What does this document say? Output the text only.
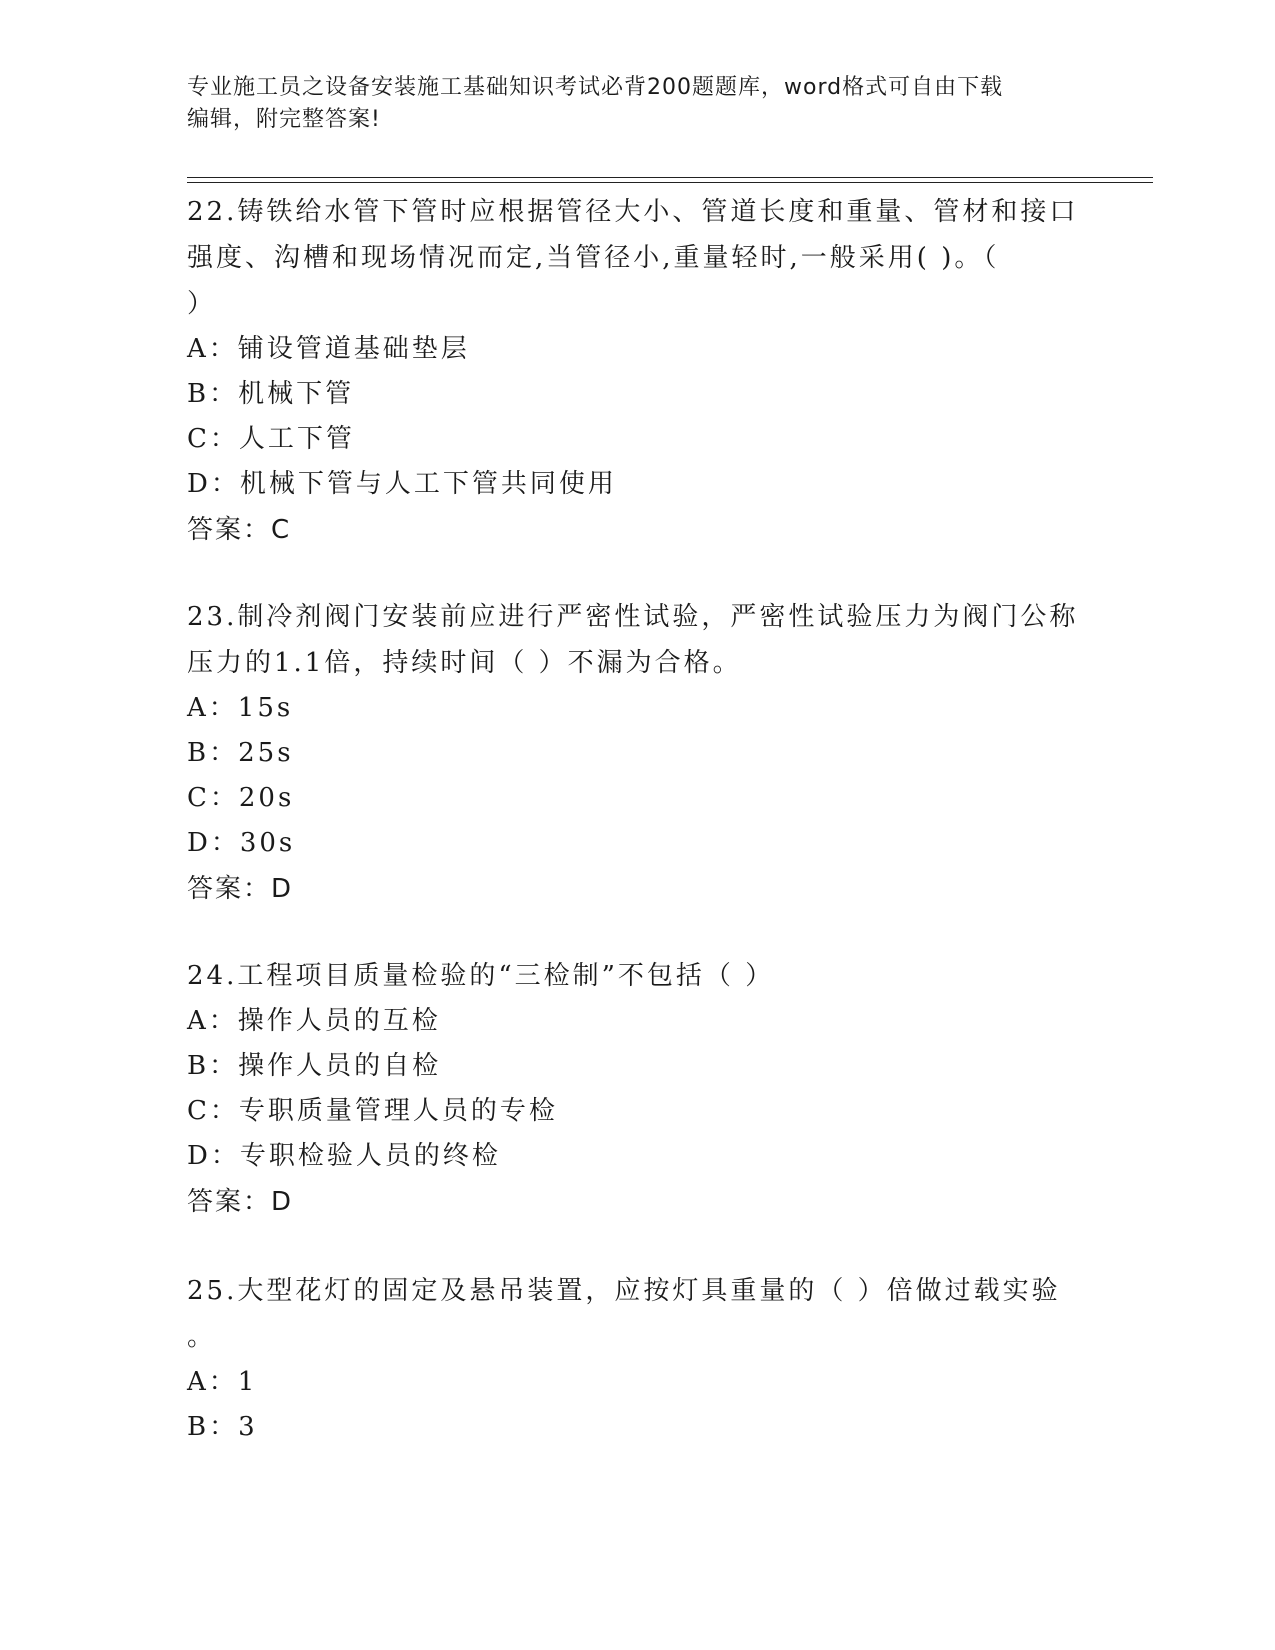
专业施工员之设备安装施工基础知识考试必背200题题库，word格式可自由下载
编辑，附完整答案!
22.铸铁给水管下管时应根据管径大小、管道长度和重量、管材和接口
强度、沟槽和现场情况而定,当管径小,重量轻时,一般采用( )。（
）
A：铺设管道基础垫层
B：机械下管
C：人工下管
D：机械下管与人工下管共同使用
答案：C
23.制冷剂阀门安装前应进行严密性试验，严密性试验压力为阀门公称
压力的1.1倍，持续时间（ ）不漏为合格。
A：15s
B：25s
C：20s
D：30s
答案：D
24.工程项目质量检验的“三检制”不包括（ ）
A：操作人员的互检
B：操作人员的自检
C：专职质量管理人员的专检
D：专职检验人员的终检
答案：D
25.大型花灯的固定及悬吊装置，应按灯具重量的（ ）倍做过载实验
。
A：1
B：3
